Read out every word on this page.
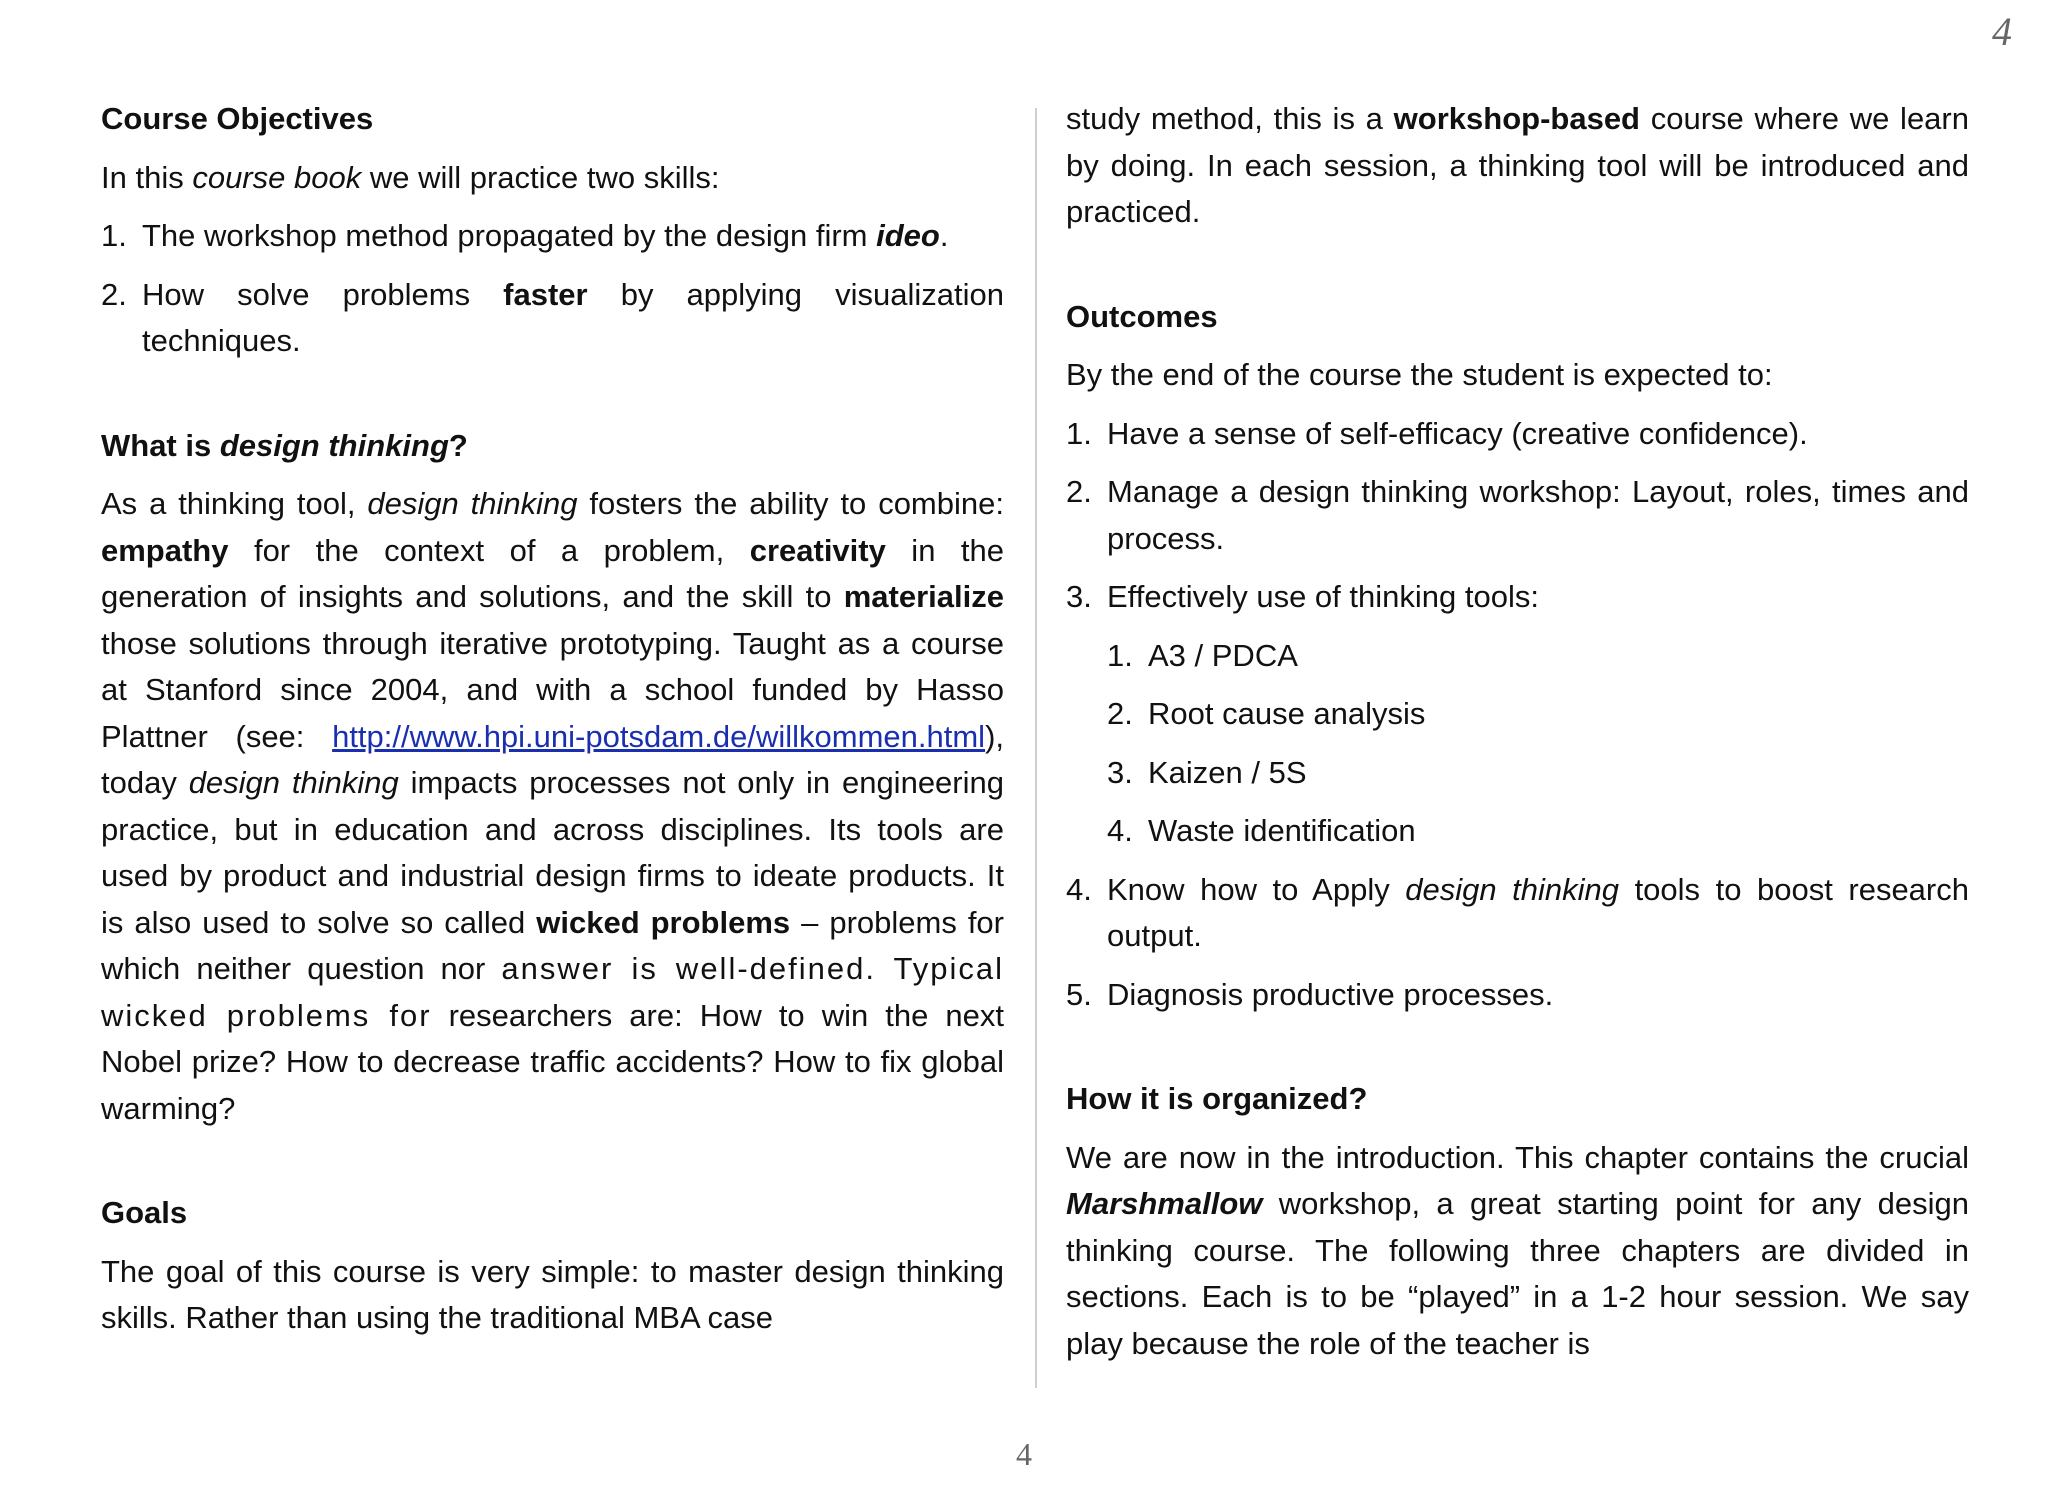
4
Course Objectives

In this course book we will practice two skills:

1. The workshop method propagated by the design firm ideo.
2. How solve problems faster by applying visualization techniques.
What is design thinking?

As a thinking tool, design thinking fosters the ability to combine: empathy for the context of a problem, creativity in the generation of insights and solutions, and the skill to materialize those solutions through iterative prototyping. Taught as a course at Stanford since 2004, and with a school funded by Hasso Plattner (see: http://www.hpi.uni-potsdam.de/willkommen.html), today design thinking impacts processes not only in engineering practice, but in education and across disciplines. Its tools are used by product and industrial design firms to ideate products. It is also used to solve so called wicked problems – problems for which neither question nor answer is well-defined. Typical wicked problems for researchers are: How to win the next Nobel prize? How to decrease traffic accidents? How to fix global warming?

Goals

The goal of this course is very simple: to master design thinking skills. Rather than using the traditional MBA case

study method, this is a workshop-based course where we learn by doing. In each session, a thinking tool will be introduced and practiced.

Outcomes

By the end of the course the student is expected to:

1. Have a sense of self-efficacy (creative confidence).
2. Manage a design thinking workshop: Layout, roles, times and process.
3. Effectively use of thinking tools:
1. A3 / PDCA
2. Root cause analysis
3. Kaizen / 5S
4. Waste identification
4. Know how to Apply design thinking tools to boost research output.
5. Diagnosis productive processes.
How it is organized?

We are now in the introduction. This chapter contains the crucial Marshmallow workshop, a great starting point for any design thinking course. The following three chapters are divided in sections. Each is to be “played” in a 1-2 hour session. We say play because the role of the teacher is

4
